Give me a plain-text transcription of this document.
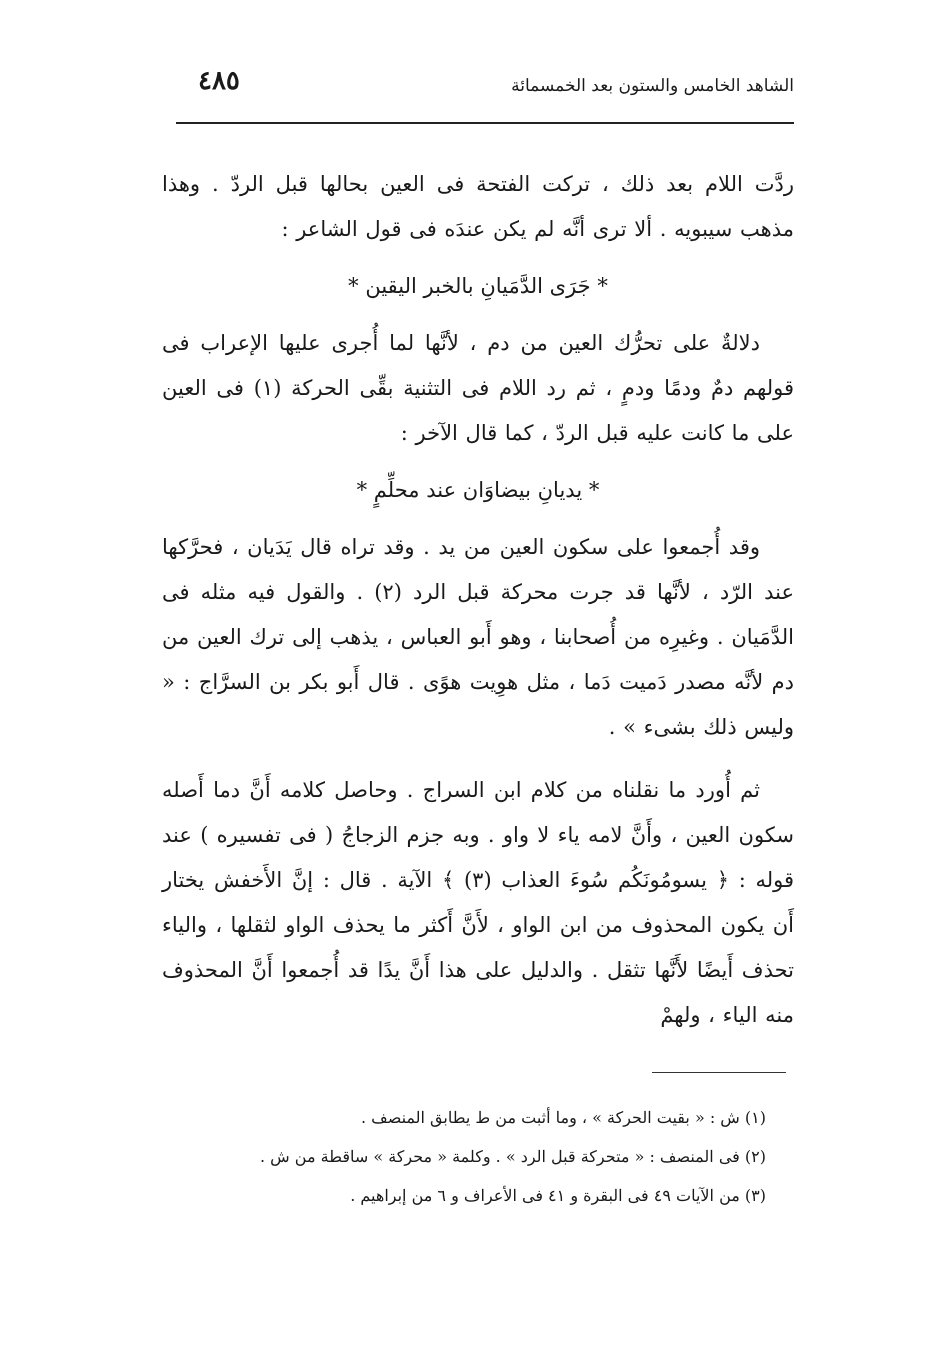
الشاهد الخامس والستون بعد الخمسمائة
٤٨٥

ردَّت اللام بعد ذلك ، تركت الفتحة فى العين بحالها قبل الردّ . وهذا مذهب سيبويه . ألا ترى أنَّه لم يكن عندَه فى قول الشاعر :

* جَرَى الدَّمَيانِ بالخبر اليقين *

دلالةٌ على تحرُّك العين من دم ، لأنَّها لما أُجرى عليها الإعراب فى قولهم دمٌ ودمًا ودمٍ ، ثم رد اللام فى التثنية بقِّى الحركة (١) فى العين على ما كانت عليه قبل الردّ ، كما قال الآخر :

* يديانِ بيضاوَان عند محلِّمٍ *

وقد أُجمعوا على سكون العين من يد . وقد تراه قال يَدَيان ، فحرَّكها عند الرّد ، لأنَّها قد جرت محركة قبل الرد (٢) . والقول فيه مثله فى الدَّمَيان . وغيرِه من أُصحابنا ، وهو أَبو العباس ، يذهب إلى ترك العين من دم لأنَّه مصدر دَميت دَما ، مثل هوِيت هوًى . قال أَبو بكر بن السرَّاج : « وليس ذلك بشىء » .

ثم أُورد ما نقلناه من كلام ابن السراج . وحاصل كلامه أَنَّ دما أَصله سكون العين ، وأَنَّ لامه ياء لا واو . وبه جزم الزجاجُ ( فى تفسيره ) عند قوله : ﴿ يسومُونَكُم سُوءَ العذاب (٣) ﴾ الآية . قال : إنَّ الأَخفش يختار أَن يكون المحذوف من ابن الواو ، لأَنَّ أَكثر ما يحذف الواو لثقلها ، والياء تحذف أَيضًا لأَنَّها تثقل . والدليل على هذا أَنَّ يدًا قد أُجمعوا أَنَّ المحذوف منه الياء ، ولهمْ

(١) ش : « بقيت الحركة » ، وما أثبت من ط يطابق المنصف .

(٢) فى المنصف : « متحركة قبل الرد » . وكلمة « محركة » ساقطة من ش .

(٣) من الآيات ٤٩ فى البقرة و ٤١ فى الأعراف و ٦ من إبراهيم .
